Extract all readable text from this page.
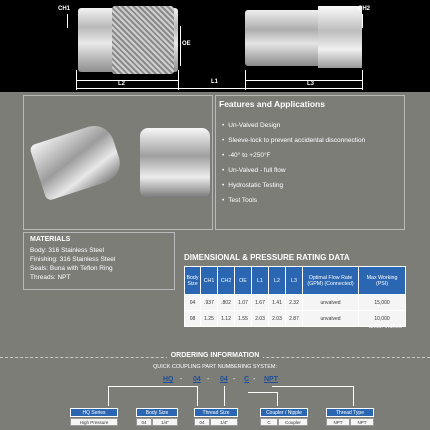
CH1	CH2
OE
L2	L3
L1
Features and Applications
• Un-Valved Design
• Sleeve-lock to prevent accidental disconnection
• -40° to +250°F
• Un-Valved - full flow
• Hydrostatic Testing
• Test Tools
MATERIALS
Body: 316 Stainless Steel
Finishing: 316 Stainless Steel
Seals: Buna with Teflon Ring
Threads: NPT
DIMENSIONAL & PRESSURE RATING DATA
Body Size	CH1	CH2	OE	L1	L2	L3	Optimal Flow Rate (GPM) (Connected)	Max Working (PSI)
04	.937	.802	1.07	1.67	1.41	2.32	unvalved	15,000
08	1.25	1.12	1.55	2.03	2.03	2.87	unvalved	10,000
units: inches
ORDERING INFORMATION
QUICK COUPLING PART NUMBERING SYSTEM:
HQ - 04 - 04 - C - NPT
HQ Series
High Pressure
Body Size
04	1/4"
Thread Size
04	1/4"
Coupler / Nipple
C	Coupler
Thread Type
NPT	NPT
